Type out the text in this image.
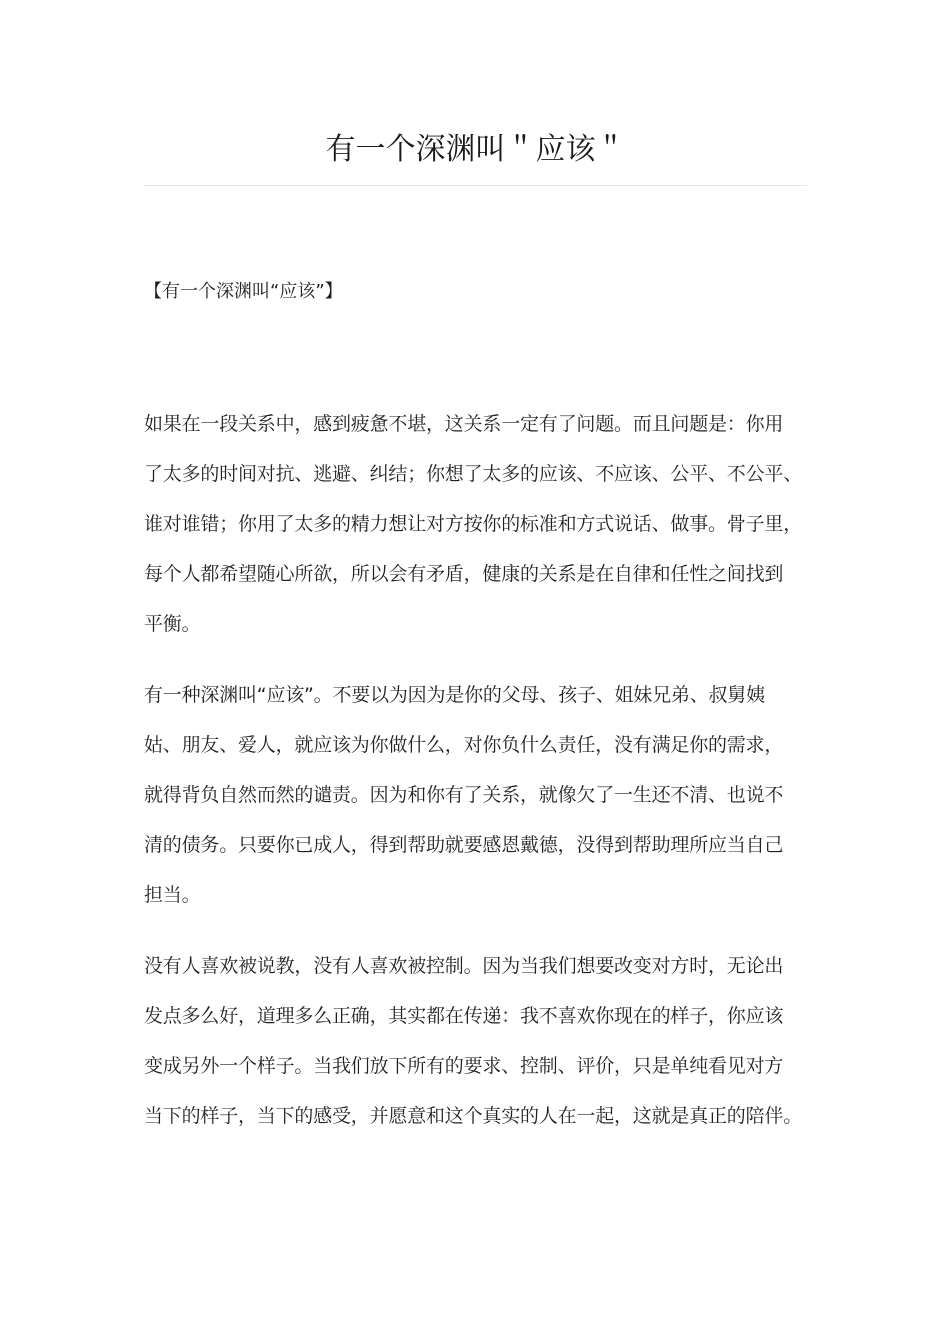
有一个深渊叫＂应该＂

【有一个深渊叫“应该”】

如果在一段关系中，感到疲惫不堪，这关系一定有了问题。而且问题是：你用
了太多的时间对抗、逃避、纠结；你想了太多的应该、不应该、公平、不公平、
谁对谁错；你用了太多的精力想让对方按你的标准和方式说话、做事。骨子里，
每个人都希望随心所欲，所以会有矛盾，健康的关系是在自律和任性之间找到
平衡。

有一种深渊叫“应该”。不要以为因为是你的父母、孩子、姐妹兄弟、叔舅姨
姑、朋友、爱人，就应该为你做什么，对你负什么责任，没有满足你的需求，
就得背负自然而然的谴责。因为和你有了关系，就像欠了一生还不清、也说不
清的债务。只要你已成人，得到帮助就要感恩戴德，没得到帮助理所应当自己
担当。

没有人喜欢被说教，没有人喜欢被控制。因为当我们想要改变对方时，无论出
发点多么好，道理多么正确，其实都在传递：我不喜欢你现在的样子，你应该
变成另外一个样子。当我们放下所有的要求、控制、评价，只是单纯看见对方
当下的样子，当下的感受，并愿意和这个真实的人在一起，这就是真正的陪伴。
